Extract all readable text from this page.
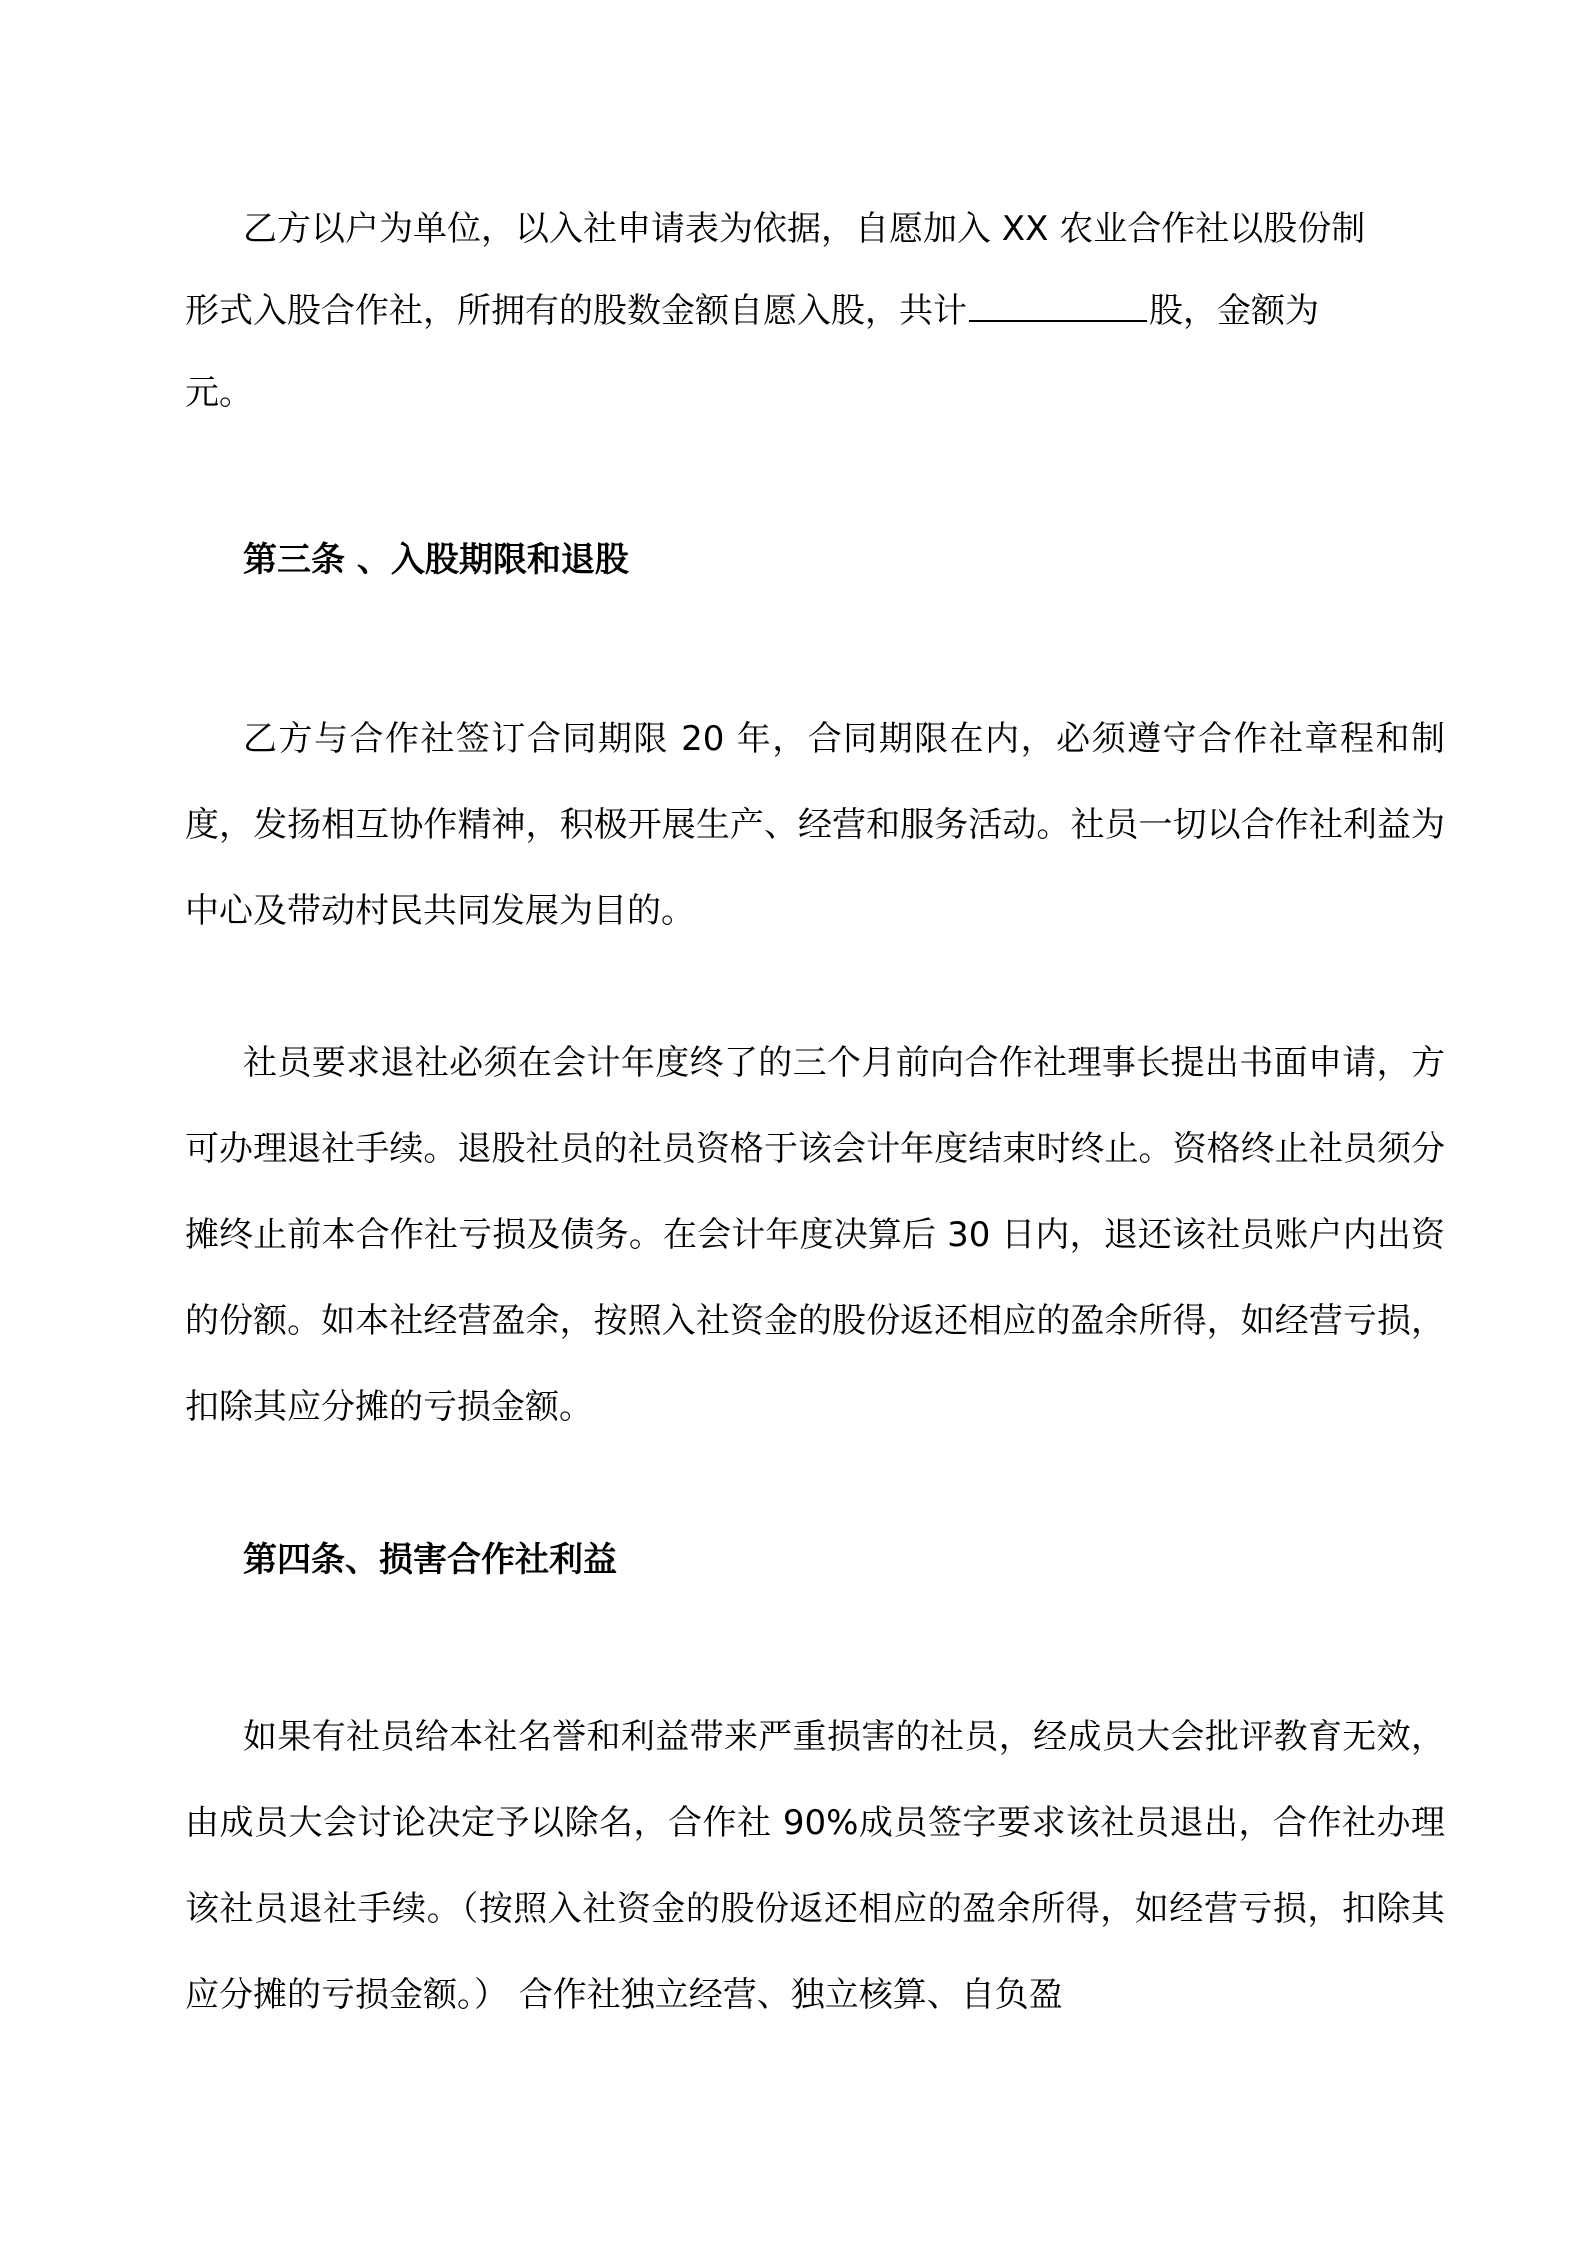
乙方以户为单位，以入社申请表为依据，自愿加入 XX 农业合作社以股份制
形式入股合作社，所拥有的股数金额自愿入股，共计	股，金额为
元。
第三条 、入股期限和退股

乙方与合作社签订合同期限 20 年，合同期限在内，必须遵守合作社章程和制度，发扬相互协作精神，积极开展生产、经营和服务活动。社员一切以合作社利益为中心及带动村民共同发展为目的。

社员要求退社必须在会计年度终了的三个月前向合作社理事长提出书面申请，方可办理退社手续。退股社员的社员资格于该会计年度结束时终止。资格终止社员须分摊终止前本合作社亏损及债务。在会计年度决算后 30 日内，退还该社员账户内出资的份额。如本社经营盈余，按照入社资金的股份返还相应的盈余所得，如经营亏损，扣除其应分摊的亏损金额。

第四条、损害合作社利益

如果有社员给本社名誉和利益带来严重损害的社员，经成员大会批评教育无效，由成员大会讨论决定予以除名，合作社 90%成员签字要求该社员退出，合作社办理该社员退社手续。（按照入社资金的股份返还相应的盈余所得，如经营亏损，扣除其应分摊的亏损金额。） 合作社独立经营、独立核算、自负盈
